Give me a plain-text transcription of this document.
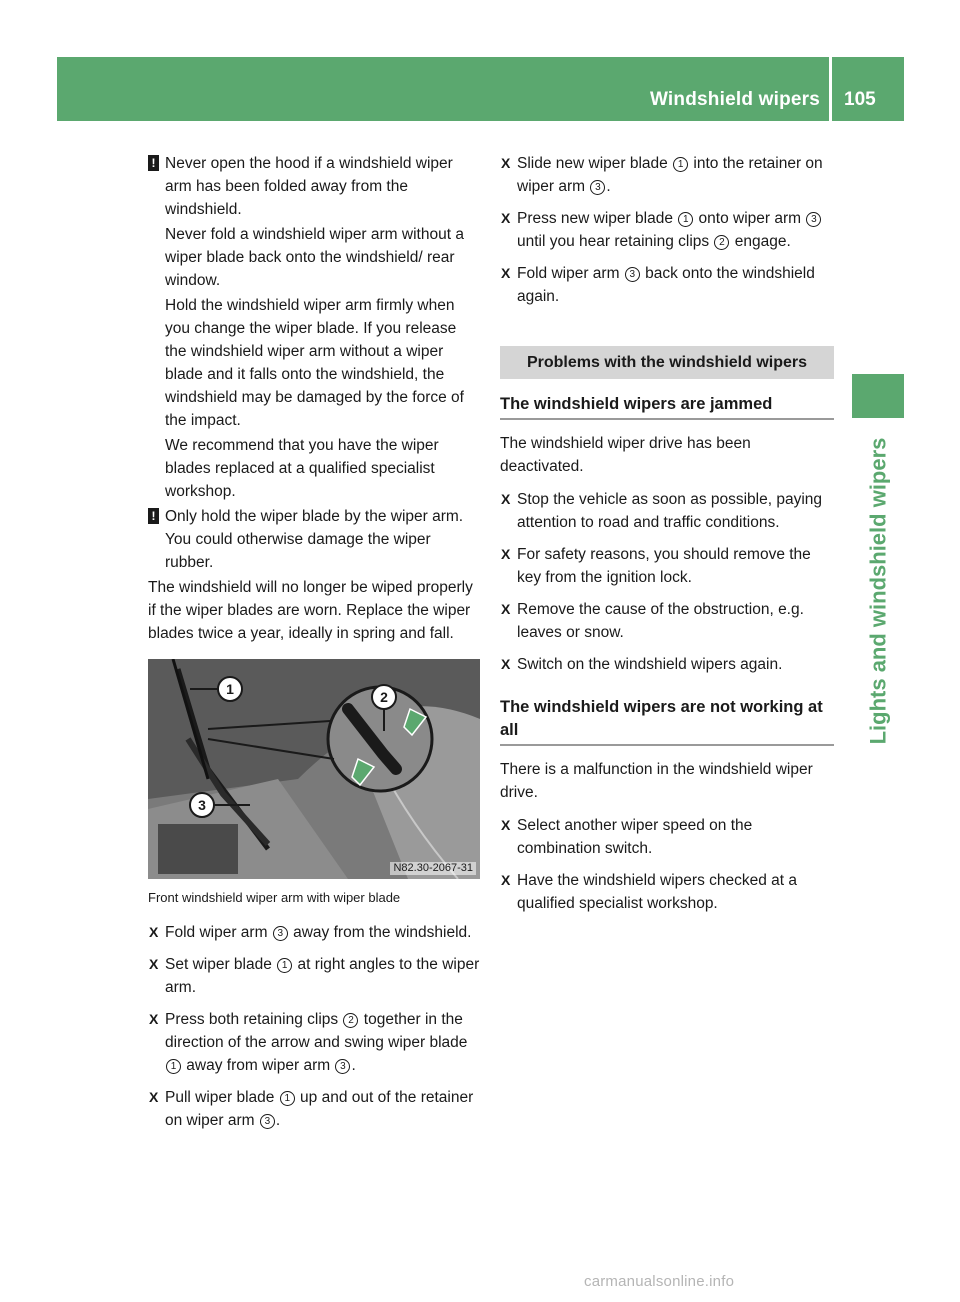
Windshield wipers 105
Lights and windshield wipers
! Never open the hood if a windshield wiper arm has been folded away from the windshield.

Never fold a windshield wiper arm without a wiper blade back onto the windshield/ rear window.

Hold the windshield wiper arm firmly when you change the wiper blade. If you release the windshield wiper arm without a wiper blade and it falls onto the windshield, the windshield may be damaged by the force of the impact.

We recommend that you have the wiper blades replaced at a qualified specialist workshop.

! Only hold the wiper blade by the wiper arm. You could otherwise damage the wiper rubber.

The windshield will no longer be wiped properly if the wiper blades are worn. Replace the wiper blades twice a year, ideally in spring and fall.

1	2
3
N82.30-2067-31

Front windshield wiper arm with wiper blade

X Fold wiper arm 3 away from the windshield.
X Set wiper blade 1 at right angles to the wiper arm.
X Press both retaining clips 2 together in the direction of the arrow and swing wiper blade 1 away from wiper arm 3 .
X Pull wiper blade 1 up and out of the retainer on wiper arm 3 .
X Slide new wiper blade 1 into the retainer on wiper arm 3 .
X Press new wiper blade 1 onto wiper arm 3 until you hear retaining clips 2 engage.
X Fold wiper arm 3 back onto the windshield again.
Problems with the windshield wipers
The windshield wipers are jammed

The windshield wiper drive has been deactivated.

X Stop the vehicle as soon as possible, paying attention to road and traffic conditions.
X For safety reasons, you should remove the key from the ignition lock.
X Remove the cause of the obstruction, e.g. leaves or snow.
X Switch on the windshield wipers again.
The windshield wipers are not working at all

There is a malfunction in the windshield wiper drive.

X Select another wiper speed on the combination switch.
X Have the windshield wipers checked at a qualified specialist workshop.
carmanualsonline.info
